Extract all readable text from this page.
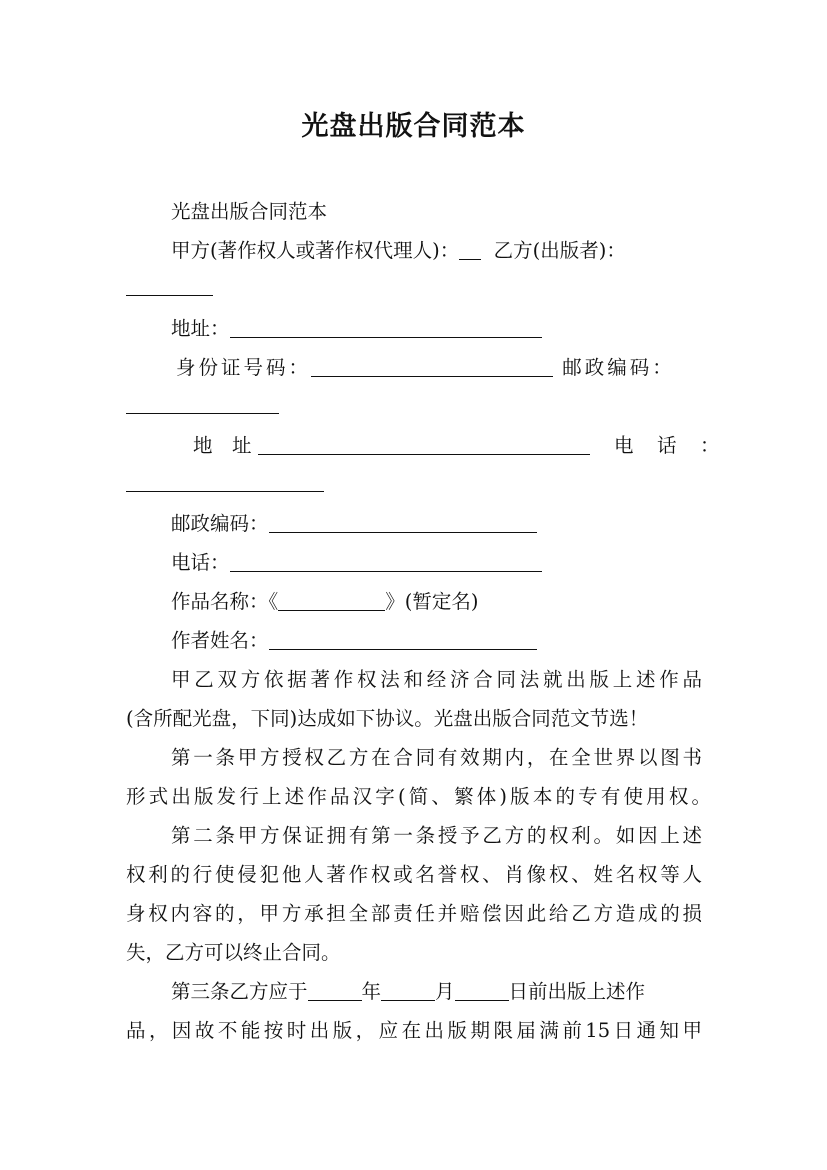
光盘出版合同范本
光盘出版合同范本
甲方(著作权人或著作权代理人)： 乙方(出版者)：
地址：
身份证号码：	邮政编码：
地　址	电　话　：
邮政编码：
电话：
作品名称：《	》(暂定名)
作者姓名：
甲乙双方依据著作权法和经济合同法就出版上述作品
(含所配光盘，下同)达成如下协议。光盘出版合同范文节选！
第一条甲方授权乙方在合同有效期内，在全世界以图书
形式出版发行上述作品汉字(简、繁体)版本的专有使用权。
第二条甲方保证拥有第一条授予乙方的权利。如因上述
权利的行使侵犯他人著作权或名誉权、肖像权、姓名权等人
身权内容的，甲方承担全部责任并赔偿因此给乙方造成的损
失，乙方可以终止合同。
第三条乙方应于	年	月	日前出版上述作
品，因故不能按时出版，应在出版期限届满前15日通知甲
